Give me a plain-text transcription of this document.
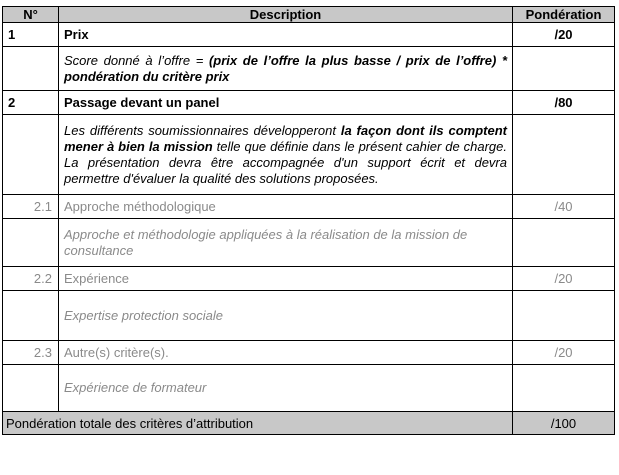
N°	Description	Pondération
1	Prix	/20
	Score donné à l’offre = (prix de l’offre la plus basse / prix de l’offre) * pondération du critère prix	
2	Passage devant un panel	/80
	Les différents soumissionnaires développeront la façon dont ils comptent mener à bien la mission telle que définie dans le présent cahier de charge. La présentation devra être accompagnée d'un support écrit et devra permettre d'évaluer la qualité des solutions proposées.	
2.1	Approche méthodologique	/40
	Approche et méthodologie appliquées à la réalisation de la mission de consultance	
2.2	Expérience	/20
	Expertise protection sociale	
2.3	Autre(s) critère(s).	/20
	Expérience de formateur	
Pondération totale des critères d’attribution		/100
